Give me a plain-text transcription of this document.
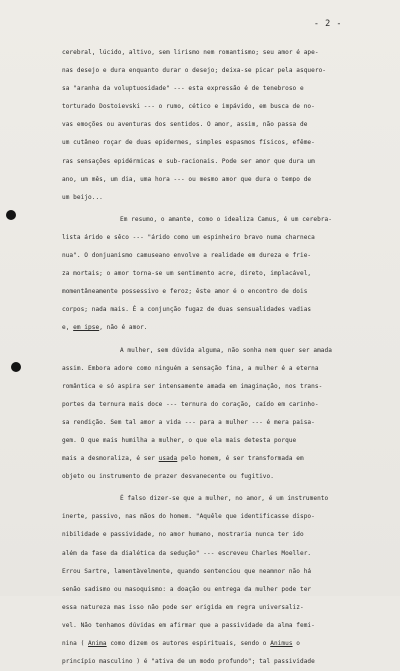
- 2 -
cerebral, lúcido, altivo, sem lirismo nem romantismo; seu amor é ape-
nas desejo e dura enquanto durar o desejo; deixa-se picar pela asquero-
sa "aranha da voluptuosidade" --- esta expressão é de tenebroso e
torturado Dostoievski --- o rumo, cético e impávido, em busca de no-
vas emoções ou aventuras dos sentidos. O amor, assim, não passa de
um cutâneo roçar de duas epidermes, simples espasmos físicos, efême-
ras sensações epidérmicas e sub-racionais. Pode ser amor que dura um
ano, um mês, um dia, uma hora --- ou mesmo amor que dura o tempo de
um beijo...
Em resumo, o amante, como o idealiza Camus, é um cerebra-
lista árido e sêco --- "árido como um espinheiro bravo numa charneca
nua". O donjuanismo camuseano envolve a realidade em dureza e frie-
za mortais; o amor torna-se um sentimento acre, direto, implacável,
momentâneamente possessivo e feroz; êste amor é o encontro de dois
corpos; nada mais. É a conjunção fugaz de duas sensualidades vadias
e, em ipse, não é amor.
A mulher, sem dúvida alguma, não sonha nem quer ser amada
assim. Embora adore como ninguém a sensação fina, a mulher é a eterna
romântica e só aspira ser intensamente amada em imaginação, nos trans-
portes da ternura mais doce --- ternura do coração, caído em carinho-
sa rendição. Sem tal amor a vida --- para a mulher --- é mera paisa-
gem. O que mais humilha a mulher, o que ela mais detesta porque
mais a desmoraliza, é ser usada pelo homem, é ser transformada em
objeto ou instrumento de prazer desvanecente ou fugitivo.
É falso dizer-se que a mulher, no amor, é um instrumento
inerte, passivo, nas mãos do homem. "Aquêle que identificasse dispo-
nibilidade e passividade, no amor humano, mostraria nunca ter ido
além da fase da dialética da sedução" --- escreveu Charles Moeller.
Errou Sartre, lamentàvelmente, quando sentenciou que neamnor não há
senão sadismo ou masoquismo: a doação ou entrega da mulher pode ter
essa natureza mas isso não pode ser erigida em regra universaliz-
vel. Não tenhamos dúvidas em afirmar que a passividade da alma femi-
nina ( Anima como dizem os autores espirituais, sendo o Animus o
princípio masculino ) é "ativa de um modo profundo"; tal passividade
